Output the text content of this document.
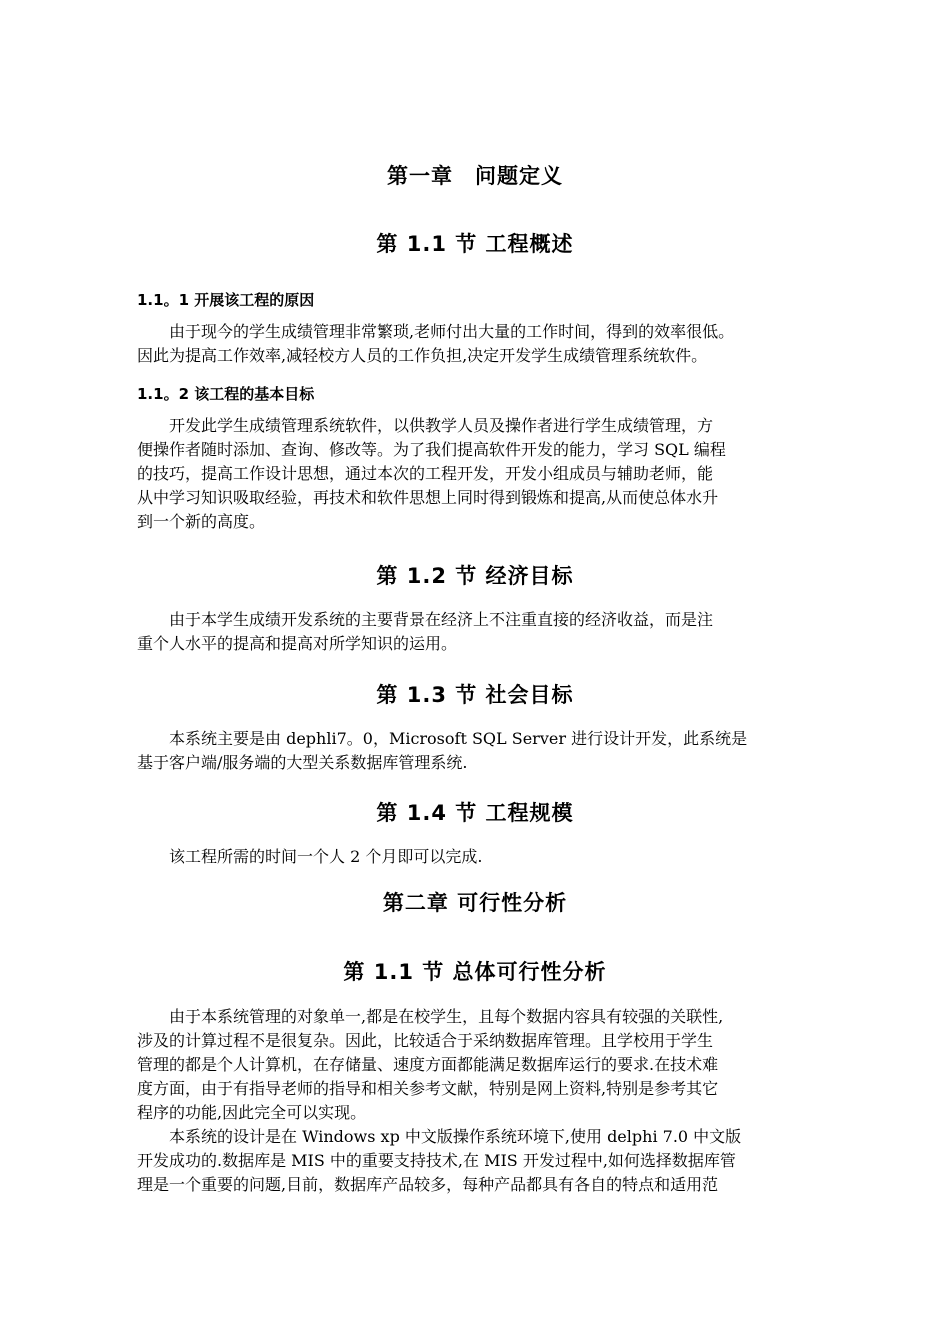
第一章　问题定义
第 1.1 节 工程概述
1.1。1 开展该工程的原因
　　由于现今的学生成绩管理非常繁琐,老师付出大量的工作时间，得到的效率很低。
因此为提高工作效率,减轻校方人员的工作负担,决定开发学生成绩管理系统软件。
1.1。2 该工程的基本目标
　　开发此学生成绩管理系统软件，以供教学人员及操作者进行学生成绩管理，方
便操作者随时添加、查询、修改等。为了我们提高软件开发的能力，学习 SQL 编程
的技巧，提高工作设计思想，通过本次的工程开发，开发小组成员与辅助老师，能
从中学习知识吸取经验，再技术和软件思想上同时得到锻炼和提高,从而使总体水升
到一个新的高度。
第 1.2 节 经济目标
　　由于本学生成绩开发系统的主要背景在经济上不注重直接的经济收益，而是注
重个人水平的提高和提高对所学知识的运用。
第 1.3 节 社会目标
　　本系统主要是由 dephli7。0，Microsoft SQL Server 进行设计开发，此系统是
基于客户端/服务端的大型关系数据库管理系统.
第 1.4 节 工程规模
　　该工程所需的时间一个人 2 个月即可以完成.
第二章 可行性分析
第 1.1 节 总体可行性分析
　　由于本系统管理的对象单一,都是在校学生，且每个数据内容具有较强的关联性,
涉及的计算过程不是很复杂。因此，比较适合于采纳数据库管理。且学校用于学生
管理的都是个人计算机，在存储量、速度方面都能满足数据库运行的要求.在技术难
度方面，由于有指导老师的指导和相关参考文献，特别是网上资料,特别是参考其它
程序的功能,因此完全可以实现。
　　本系统的设计是在 Windows xp 中文版操作系统环境下,使用 delphi 7.0 中文版
开发成功的.数据库是 MIS 中的重要支持技术,在 MIS 开发过程中,如何选择数据库管
理是一个重要的问题,目前，数据库产品较多，每种产品都具有各自的特点和适用范
